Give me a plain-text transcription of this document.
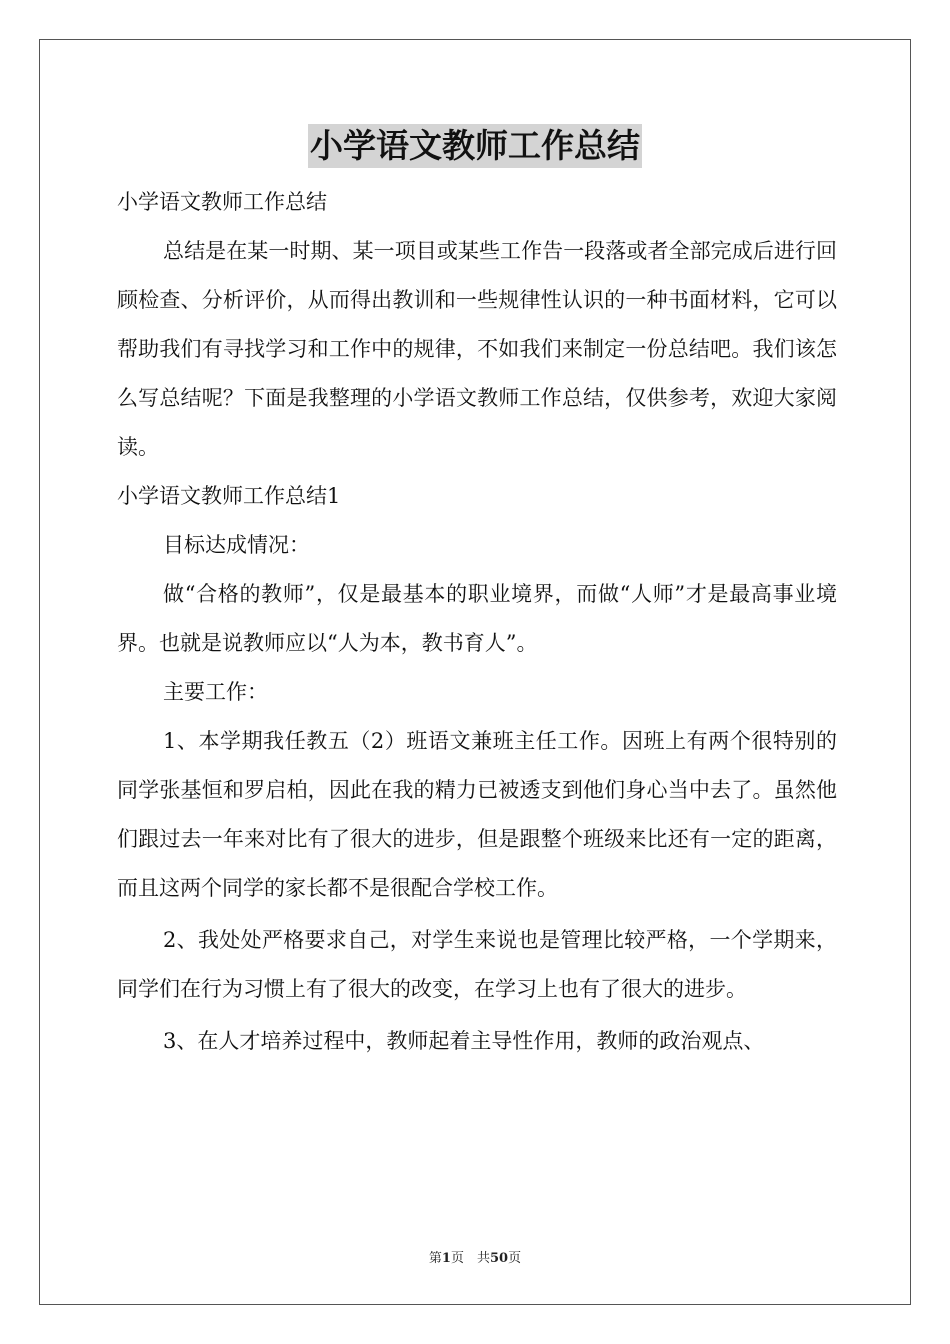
小学语文教师工作总结

小学语文教师工作总结

总结是在某一时期、某一项目或某些工作告一段落或者全部完成后进行回顾检查、分析评价，从而得出教训和一些规律性认识的一种书面材料，它可以帮助我们有寻找学习和工作中的规律，不如我们来制定一份总结吧。我们该怎么写总结呢？下面是我整理的小学语文教师工作总结，仅供参考，欢迎大家阅读。

小学语文教师工作总结1

目标达成情况：

做“合格的教师”，仅是最基本的职业境界，而做“人师”才是最高事业境界。也就是说教师应以“人为本，教书育人”。

主要工作：

1、本学期我任教五（2）班语文兼班主任工作。因班上有两个很特别的同学张基恒和罗启柏，因此在我的精力已被透支到他们身心当中去了。虽然他们跟过去一年来对比有了很大的进步，但是跟整个班级来比还有一定的距离，而且这两个同学的家长都不是很配合学校工作。

2、我处处严格要求自己，对学生来说也是管理比较严格，一个学期来，同学们在行为习惯上有了很大的改变，在学习上也有了很大的进步。

3、在人才培养过程中，教师起着主导性作用，教师的政治观点、

第1页　共50页
